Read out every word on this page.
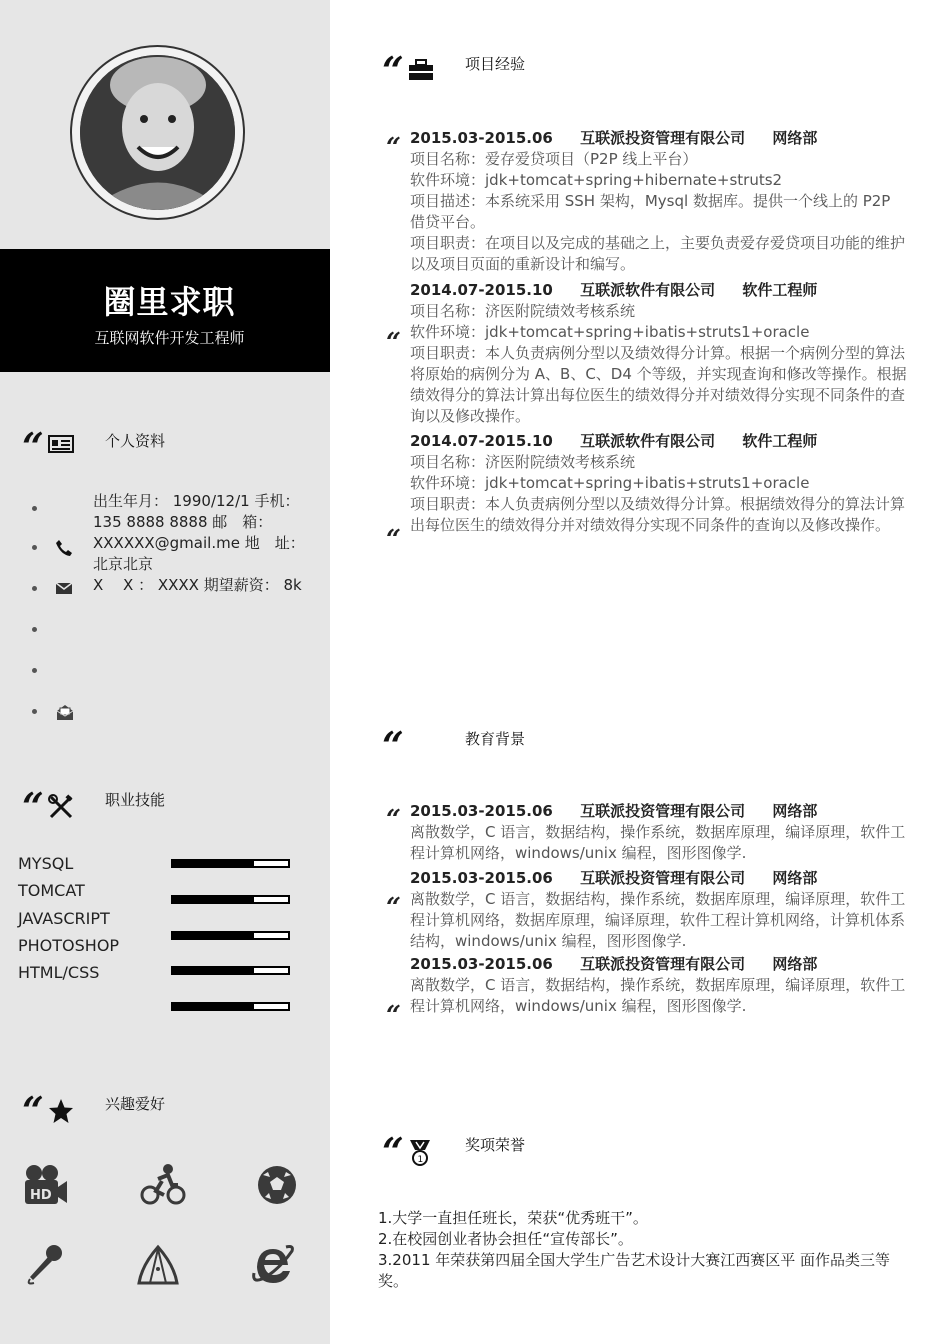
“	个人资料
出生年月： 1990/12/1 手机： 135 8888 8888 邮　箱： XXXXXX@gmail.me 地　址： 北京北京
X　 X ： XXXX 期望薪资： 8k
“	职业技能
MYSQL
TOMCAT
JAVASCRIPT
PHOTOSHOP
HTML/CSS
“	兴趣爱好
HD
圈里求职
互联网软件开发工程师
“	项目经验
“
“
“
2015.03-2015.06 互联派投资管理有限公司 网络部
项目名称：爱存爱贷项目（P2P 线上平台）
软件环境：jdk+tomcat+spring+hibernate+struts2
项目描述：本系统采用 SSH 架构，Mysql 数据库。提供一个线上的 P2P 借贷平台。
项目职责：在项目以及完成的基础之上，主要负责爱存爱贷项目功能的维护以及项目页面的重新设计和编写。
2014.07-2015.10 互联派软件有限公司 软件工程师
项目名称：济医附院绩效考核系统
软件环境：jdk+tomcat+spring+ibatis+struts1+oracle
项目职责：本人负责病例分型以及绩效得分计算。根据一个病例分型的算法将原始的病例分为 A、B、C、D4 个等级，并实现查询和修改等操作。根据绩效得分的算法计算出每位医生的绩效得分并对绩效得分实现不同条件的查询以及修改操作。
2014.07-2015.10 互联派软件有限公司 软件工程师
项目名称：济医附院绩效考核系统
软件环境：jdk+tomcat+spring+ibatis+struts1+oracle
项目职责：本人负责病例分型以及绩效得分计算。根据绩效得分的算法计算出每位医生的绩效得分并对绩效得分实现不同条件的查询以及修改操作。
“	教育背景
“
“
“
2015.03-2015.06 互联派投资管理有限公司 网络部
离散数学，C 语言，数据结构，操作系统，数据库原理，编译原理，软件工程计算机网络，windows/unix 编程，图形图像学.
2015.03-2015.06 互联派投资管理有限公司 网络部
离散数学，C 语言，数据结构，操作系统，数据库原理，编译原理，软件工程计算机网络，数据库原理，编译原理，软件工程计算机网络，计算机体系结构，windows/unix 编程，图形图像学.
2015.03-2015.06 互联派投资管理有限公司 网络部
离散数学，C 语言，数据结构，操作系统，数据库原理，编译原理，软件工程计算机网络，windows/unix 编程，图形图像学.
“ 1
奖项荣誉
1.大学一直担任班长，荣获“优秀班干”。
2.在校园创业者协会担任“宣传部长”。
3.2011 年荣获第四届全国大学生广告艺术设计大赛江西赛区平 面作品类三等奖。
